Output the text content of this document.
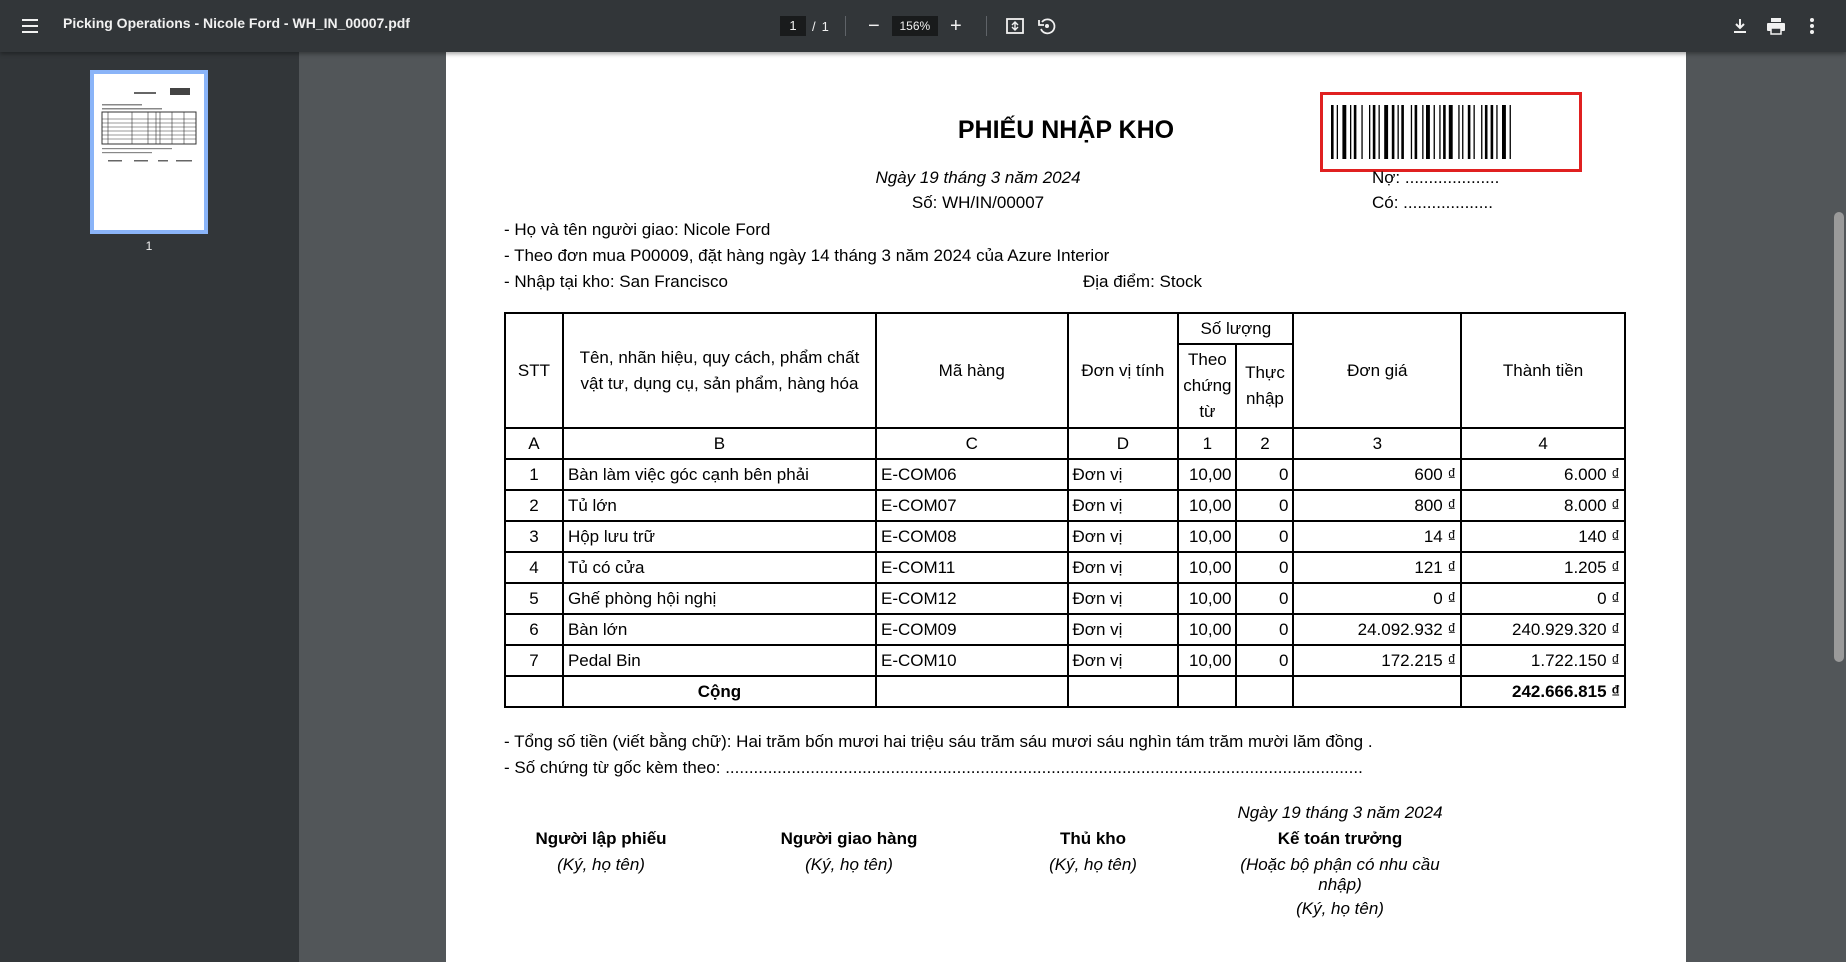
Picking Operations - Nicole Ford - WH_IN_00007.pdf
1	/ 1 −
156%	+
1
PHIẾU NHẬP KHO
Ngày 19 tháng 3 năm 2024
Số: WH/IN/00007
Nợ: ....................
Có: ...................
- Họ và tên người giao: Nicole Ford
- Theo đơn mua P00009, đặt hàng ngày 14 tháng 3 năm 2024 của Azure Interior
- Nhập tại kho: San Francisco	Địa điểm: Stock
STT	Tên, nhãn hiệu, quy cách, phẩm chất vật tư, dụng cụ, sản phẩm, hàng hóa	Mã hàng	Đơn vị tính	Số lượng		Đơn giá	Thành tiền
				Theo chứng từ	Thực nhập		
A	B	C	D	1	2	3	4
1	Bàn làm việc góc cạnh bên phải	E-COM06	Đơn vị	10,00	0	600 ₫	6.000 ₫
2	Tủ lớn	E-COM07	Đơn vị	10,00	0	800 ₫	8.000 ₫
3	Hộp lưu trữ	E-COM08	Đơn vị	10,00	0	14 ₫	140 ₫
4	Tủ có cửa	E-COM11	Đơn vị	10,00	0	121 ₫	1.205 ₫
5	Ghế phòng hội nghị	E-COM12	Đơn vị	10,00	0	0 ₫	0 ₫
6	Bàn lớn	E-COM09	Đơn vị	10,00	0	24.092.932 ₫	240.929.320 ₫
7	Pedal Bin	E-COM10	Đơn vị	10,00	0	172.215 ₫	1.722.150 ₫
	Cộng						242.666.815 ₫
- Tổng số tiền (viết bằng chữ): Hai trăm bốn mươi hai triệu sáu trăm sáu mươi sáu nghìn tám trăm mười lăm đồng .
- Số chứng từ gốc kèm theo: .......................................................................................................................................
Ngày 19 tháng 3 năm 2024
Người lập phiếu
(Ký, họ tên)
Người giao hàng
(Ký, họ tên)
Thủ kho
(Ký, họ tên)
Kế toán trưởng
(Hoặc bộ phận có nhu cầu nhập)
(Ký, họ tên)
